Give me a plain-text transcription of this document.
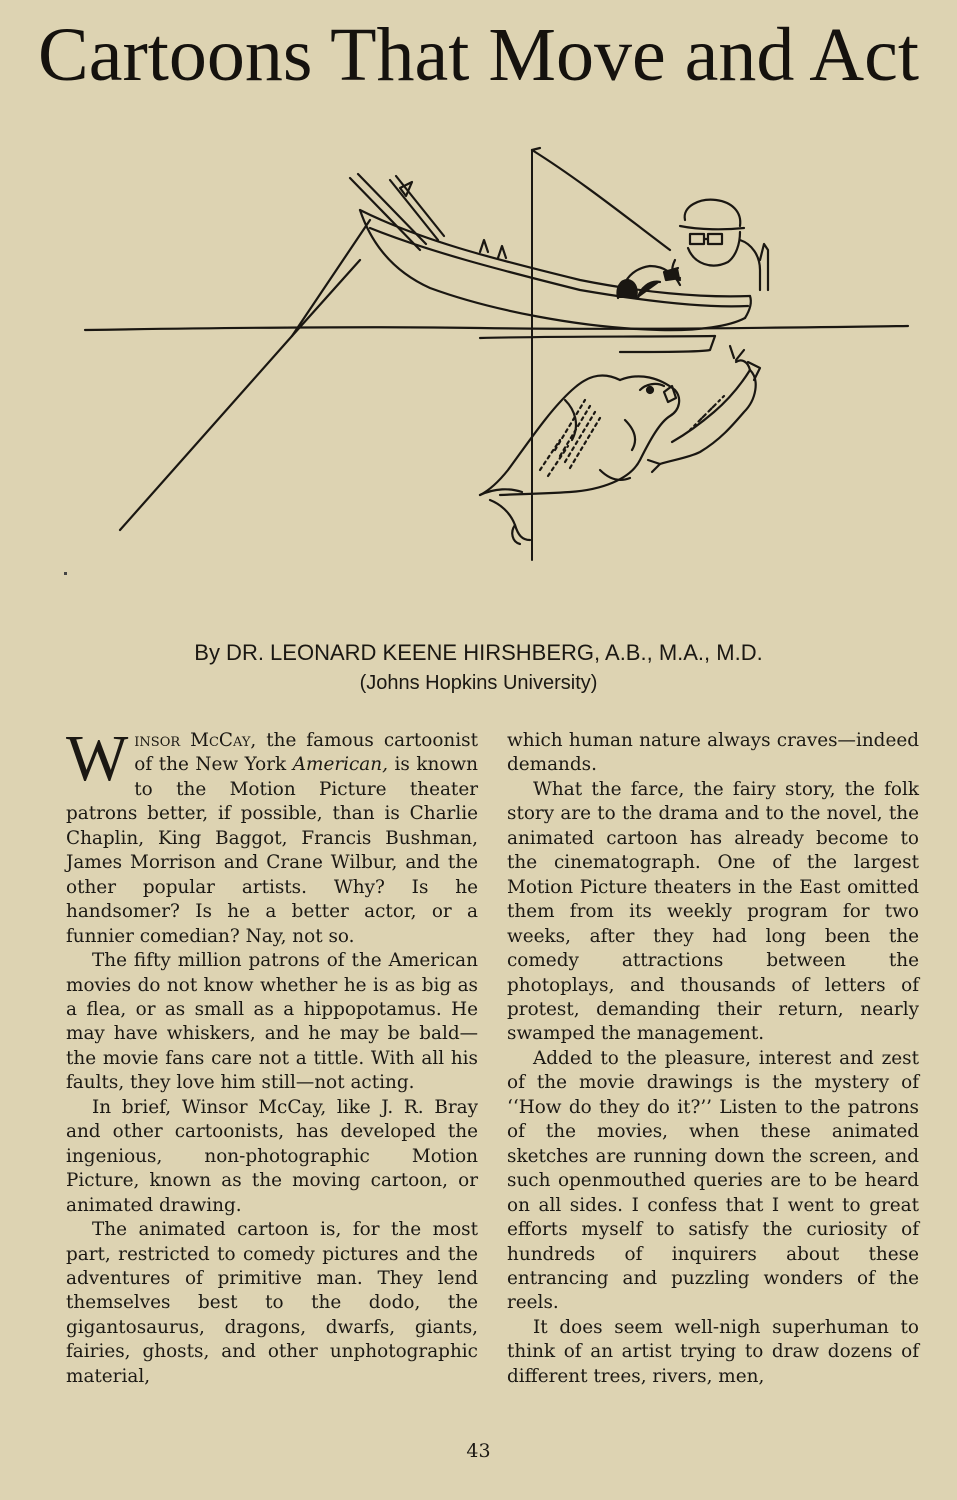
Cartoons That Move and Act
By DR. LEONARD KEENE HIRSHBERG, A.B., M.A., M.D.
(Johns Hopkins University)

Winsor McCay, the famous cartoonist of the New York American, is known to the Motion Picture theater patrons better, if possible, than is Charlie Chaplin, King Baggot, Francis Bushman, James Morrison and Crane Wilbur, and the other popular artists. Why? Is he handsomer? Is he a better actor, or a funnier comedian? Nay, not so.

The fifty million patrons of the American movies do not know whether he is as big as a flea, or as small as a hippopotamus. He may have whiskers, and he may be bald—the movie fans care not a tittle. With all his faults, they love him still—not acting.

In brief, Winsor McCay, like J. R. Bray and other cartoonists, has developed the ingenious, non-photographic Motion Picture, known as the moving cartoon, or animated drawing.

The animated cartoon is, for the most part, restricted to comedy pictures and the adventures of primitive man. They lend themselves best to the dodo, the gigantosaurus, dragons, dwarfs, giants, fairies, ghosts, and other unphotographic material,

which human nature always craves—indeed demands.

What the farce, the fairy story, the folk story are to the drama and to the novel, the animated cartoon has already become to the cinematograph. One of the largest Motion Picture theaters in the East omitted them from its weekly program for two weeks, after they had long been the comedy attractions between the photoplays, and thousands of letters of protest, demanding their return, nearly swamped the management.

Added to the pleasure, interest and zest of the movie drawings is the mystery of ‘‘How do they do it?’’ Listen to the patrons of the movies, when these animated sketches are running down the screen, and such openmouthed queries are to be heard on all sides. I confess that I went to great efforts myself to satisfy the curiosity of hundreds of inquirers about these entrancing and puzzling wonders of the reels.

It does seem well-nigh superhuman to think of an artist trying to draw dozens of different trees, rivers, men,

43
